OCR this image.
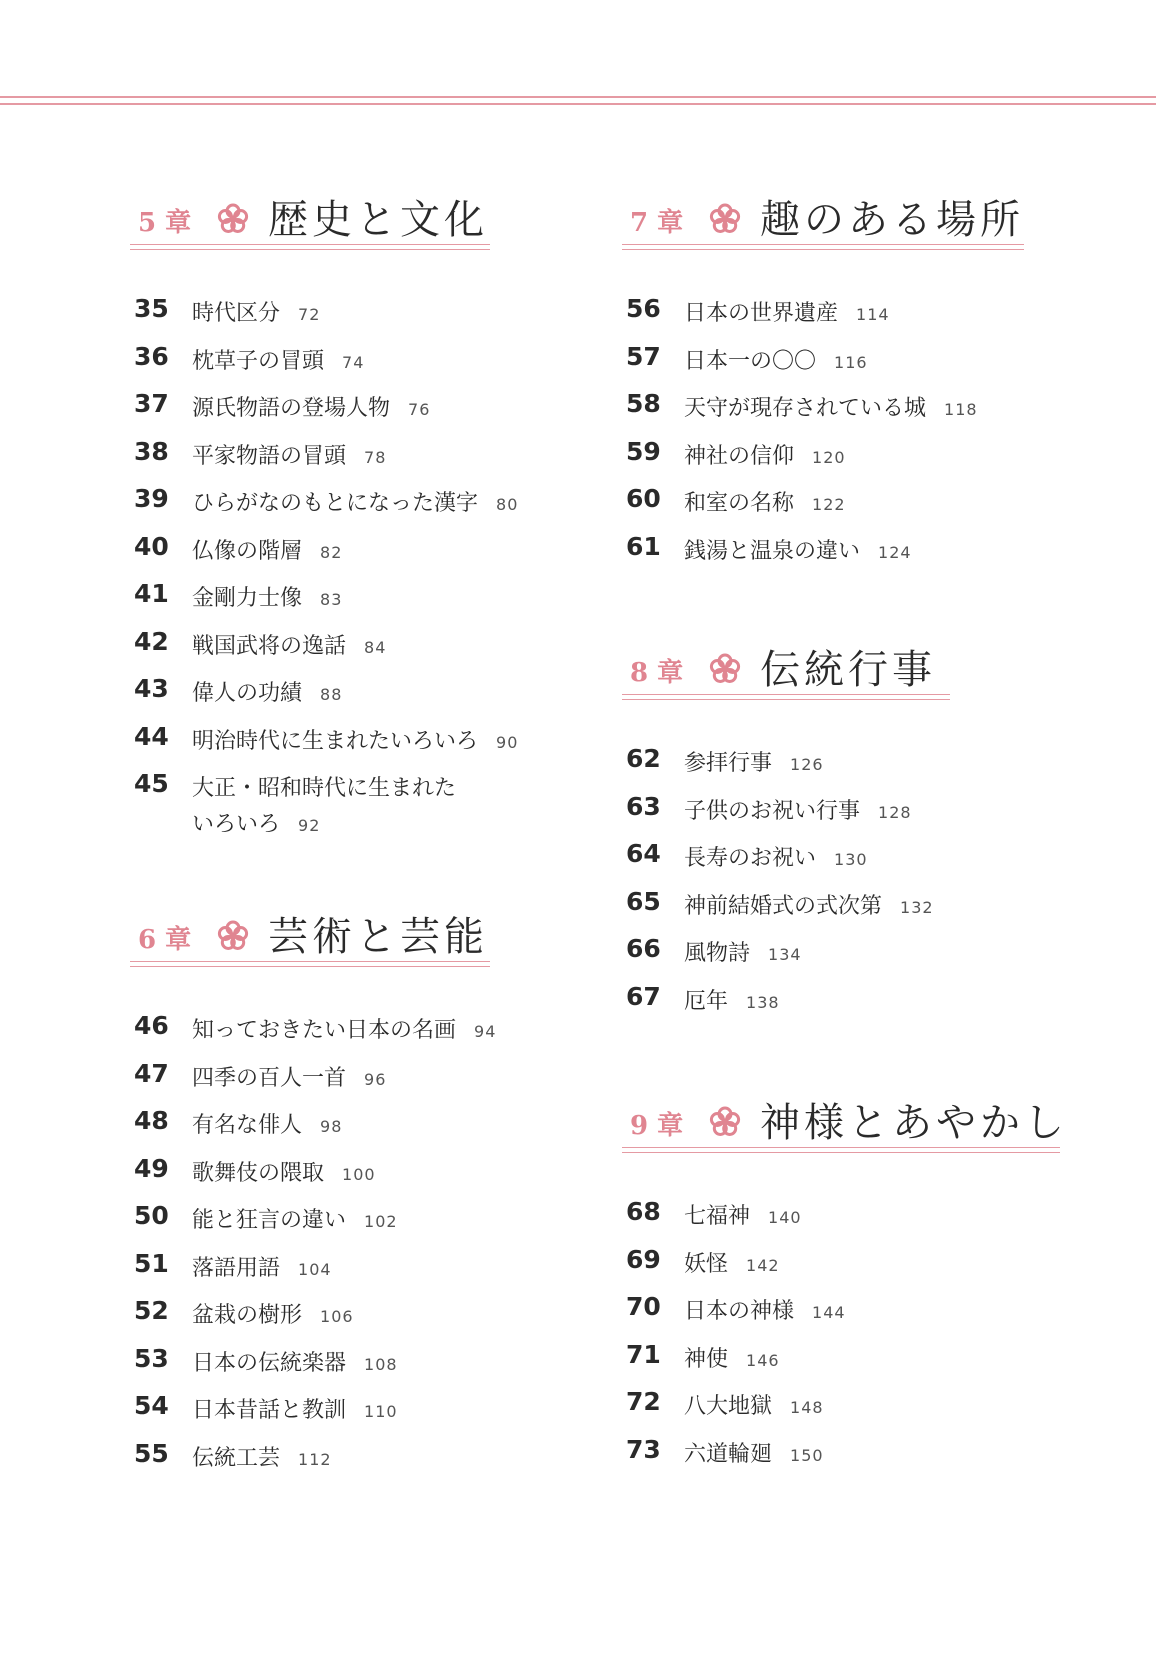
5 章 歴史と文化
35 時代区分 72
36 枕草子の冒頭 74
37 源氏物語の登場人物 76
38 平家物語の冒頭 78
39 ひらがなのもとになった漢字 80
40 仏像の階層 82
41 金剛力士像 83
42 戦国武将の逸話 84
43 偉人の功績 88
44 明治時代に生まれたいろいろ 90
45 大正・昭和時代に生まれた
いろいろ 92
6 章 芸術と芸能
46 知っておきたい日本の名画 94
47 四季の百人一首 96
48 有名な俳人 98
49 歌舞伎の隈取 100
50 能と狂言の違い 102
51 落語用語 104
52 盆栽の樹形 106
53 日本の伝統楽器 108
54 日本昔話と教訓 110
55 伝統工芸 112
7 章 趣のある場所
56 日本の世界遺産 114
57 日本一の〇〇 116
58 天守が現存されている城 118
59 神社の信仰 120
60 和室の名称 122
61 銭湯と温泉の違い 124
8 章 伝統行事
62 参拝行事 126
63 子供のお祝い行事 128
64 長寿のお祝い 130
65 神前結婚式の式次第 132
66 風物詩 134
67 厄年 138
9 章 神様とあやかし
68 七福神 140
69 妖怪 142
70 日本の神様 144
71 神使 146
72 八大地獄 148
73 六道輪廻 150
